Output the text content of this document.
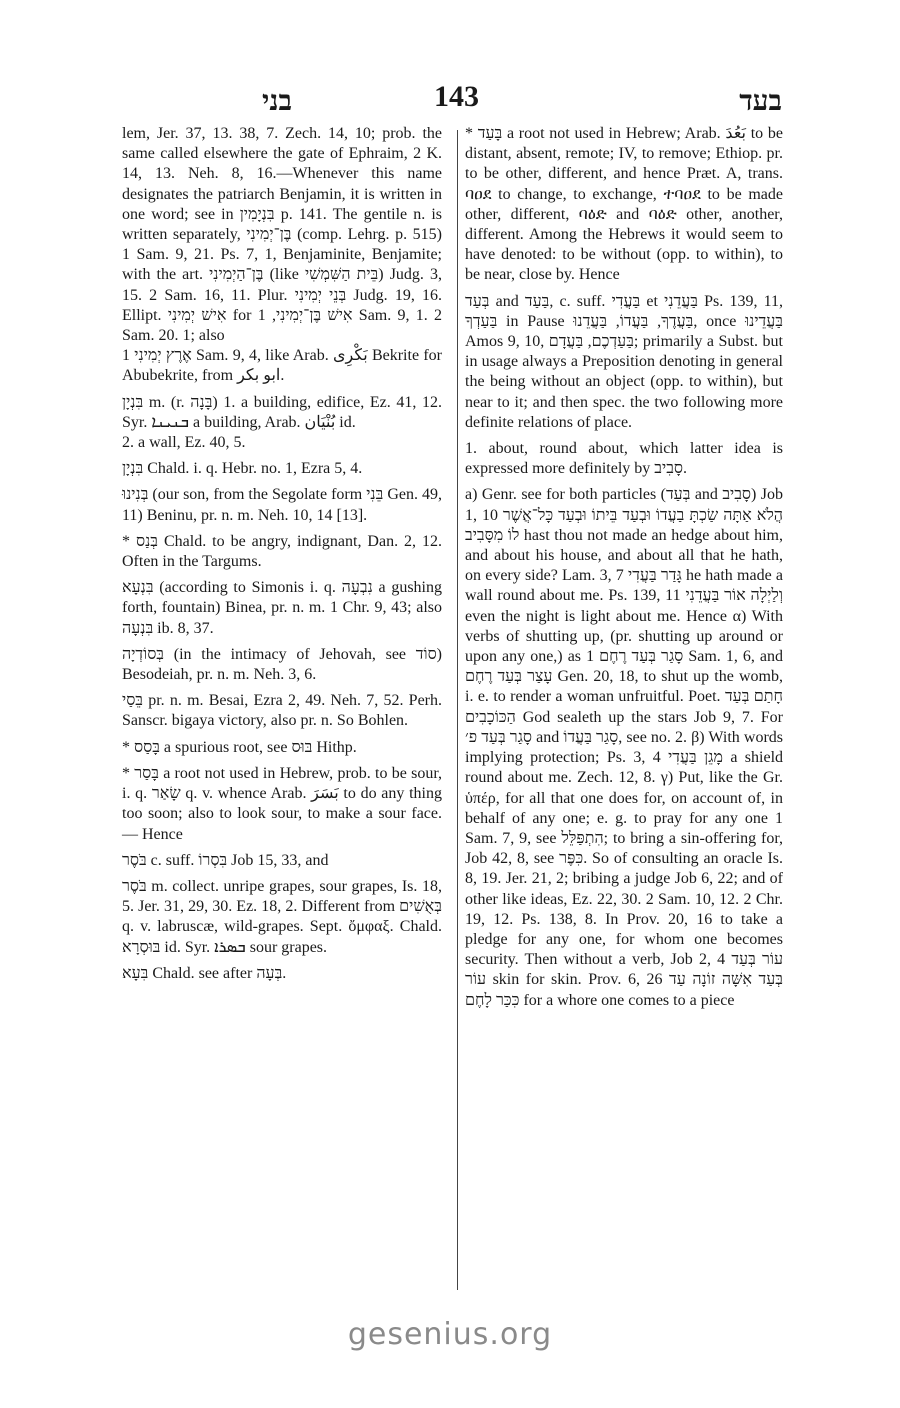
בני	143	בעד

lem, Jer. 37, 13. 38, 7. Zech. 14, 10; prob. the same called elsewhere the gate of Ephraim, 2 K. 14, 13. Neh. 8, 16.—Whenever this name designates the patriarch Benjamin, it is written in one word; see in בִּנְיָמִין p. 141. The gentile n. is written separately, בֶּן־יְמִינִי (comp. Lehrg. p. 515) 1 Sam. 9, 21. Ps. 7, 1, Benjaminite, Benjamite; with the art. בֶּן־הַיְמִינִי (like בֵּית הַשִּׁמְשִׁי) Judg. 3, 15. 2 Sam. 16, 11. Plur. בְּנֵי יְמִינִי Judg. 19, 16. Ellipt. אִישׁ יְמִינִי for אִישׁ בֶּן־יְמִינִי, 1 Sam. 9, 1. 2 Sam. 20. 1; also

אֶרֶץ יְמִינִי 1 Sam. 9, 4, like Arab. بَكْرِى Bekrite for Abubekrite, from ابو بكر.

בִּנְיָן m. (r. בָּנָה) 1. a building, edifice, Ez. 41, 12. Syr. ܒܢܝܢܐ a building, Arab. بُنْيَان id.

2. a wall, Ez. 40, 5.

בִּנְיָן Chald. i. q. Hebr. no. 1, Ezra 5, 4.

בְּנִינוּ (our son, from the Segolate form בֵּנִי Gen. 49, 11) Beninu, pr. n. m. Neh. 10, 14 [13].

* בְּנַס Chald. to be angry, indignant, Dan. 2, 12. Often in the Targums.

בִּנְעָא (according to Simonis i. q. נִבְעָה a gushing forth, fountain) Binea, pr. n. m. 1 Chr. 9, 43; also בִּנְעָה ib. 8, 37.

בְּסוֹדְיָה (in the intimacy of Jehovah, see סוֹד) Besodeiah, pr. n. m. Neh. 3, 6.

בֵּסַי pr. n. m. Besai, Ezra 2, 49. Neh. 7, 52. Perh. Sanscr. bigaya victory, also pr. n. So Bohlen.

* בָּסַס a spurious root, see בּוּס Hithp.

* בָּסַר a root not used in Hebrew, prob. to be sour, i. q. שָׂאַר q. v. whence Arab. بَسَرَ to do any thing too soon; also to look sour, to make a sour face.— Hence

בֹּסֶר c. suff. בִּסְרוֹ Job 15, 33, and

בֹּסֶר m. collect. unripe grapes, sour grapes, Is. 18, 5. Jer. 31, 29, 30. Ez. 18, 2. Different from בְּאֻשִׁים q. v. labruscæ, wild-grapes. Sept. ὄμφαξ. Chald. בּוּסְרָא id. Syr. ܒܣܪܐ sour grapes.

בִּעָא Chald. see after בְּעָה.

* בָּעַד a root not used in Hebrew; Arab. بَعُدَ to be distant, absent, remote; IV, to remove; Ethiop. pr. to be other, different, and hence Præt. A, trans. ባዐደ to change, to exchange, ተባዐደ to be made other, different, ባዕድ and ባዕድ other, another, different. Among the Hebrews it would seem to have denoted: to be without (opp. to within), to be near, close by. Hence

בְּעַד and בַּעַד, c. suff. בַּעֲדִי et בַּעֲדֵנִי Ps. 139, 11, בַּעַדְךָ in Pause בַּעֲדֶךָ, בַּעֲדוֹ, בַּעֲדֵנוּ, once בַּעֲדֵינוּ Amos 9, 10, בַּעַדְכֶם, בַּעֲדָם; primarily a Subst. but in usage always a Preposition denoting in general the being without an object (opp. to within), but near to it; and then spec. the two following more definite relations of place.

1. about, round about, which latter idea is expressed more definitely by סָבִיב.

a) Genr. see for both particles (בְּעַד and סָבִיב) Job 1, 10 הֲלֹא אַתָּה שַׂכְתָּ בַעֲדוֹ וּבְעַד בֵּיתוֹ וּבְעַד כָּל־אֲשֶׁר לוֹ מִסָּבִיב hast thou not made an hedge about him, and about his house, and about all that he hath, on every side? Lam. 3, 7 גָּדַר בַּעֲדִי he hath made a wall round about me. Ps. 139, 11 וְלַיְלָה אוֹר בַּעֲדֵנִי even the night is light about me. Hence α) With verbs of shutting up, (pr. shutting up around or upon any one,) as סָגַר בְּעַד רֶחֶם 1 Sam. 1, 6, and עָצַר בְּעַד רֶחֶם Gen. 20, 18, to shut up the womb, i. e. to render a woman unfruitful. Poet. חָתַם בְּעַד הַכּוֹכָבִים God sealeth up the stars Job 9, 7. For סָגַר בְּעַד פ׳ and סָגַר בַּעֲדוֹ, see no. 2. β) With words implying protection; Ps. 3, 4 מָגֵן בַּעֲדִי a shield round about me. Zech. 12, 8. γ) Put, like the Gr. ὑπέρ, for all that one does for, on account of, in behalf of any one; e. g. to pray for any one 1 Sam. 7, 9, see הִתְפַּלֵּל; to bring a sin-offering for, Job 42, 8, see כִּפֶּר. So of consulting an oracle Is. 8, 19. Jer. 21, 2; bribing a judge Job 6, 22; and of other like ideas, Ez. 22, 30. 2 Sam. 10, 12. 2 Chr. 19, 12. Ps. 138, 8. In Prov. 20, 16 to take a pledge for any one, for whom one becomes security. Then without a verb, Job 2, 4 עוֹר בְּעַד עוֹר skin for skin. Prov. 6, 26 בְּעַד אִשָּׁה זוֹנָה עַד כִּכַּר לָחֶם for a whore one comes to a piece

gesenius.org
